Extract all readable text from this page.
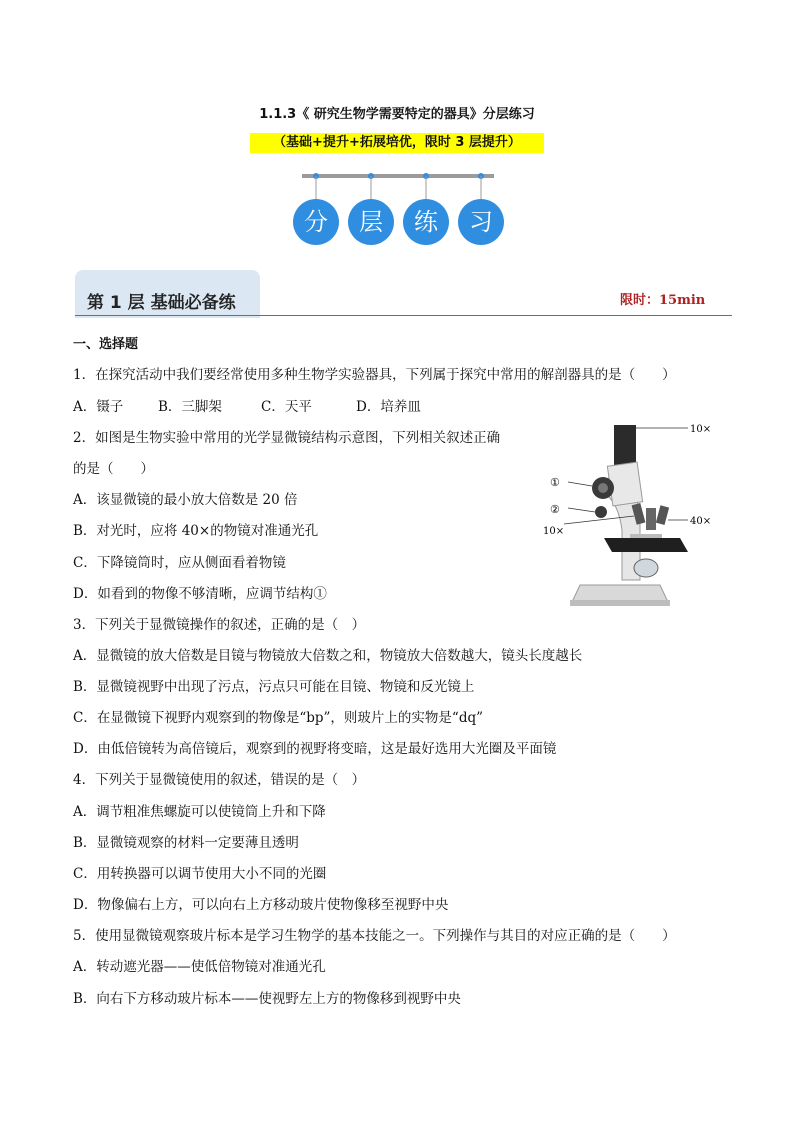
1.1.3《 研究生物学需要特定的器具》分层练习
（基础+提升+拓展培优，限时 3 层提升）
分 层 练 习
第 1 层 基础必备练	限时：15min
一、选择题
1．在探究活动中我们要经常使用多种生物学实验器具，下列属于探究中常用的解剖器具的是（　　）
A．镊子	B．三脚架	C．天平	D．培养皿
2．如图是生物实验中常用的光学显微镜结构示意图，下列相关叙述正确
的是（　　）
A．该显微镜的最小放大倍数是 20 倍
B．对光时，应将 40×的物镜对准通光孔
C．下降镜筒时，应从侧面看着物镜
D．如看到的物像不够清晰，应调节结构①
10×
①
②
40×
10×
3．下列关于显微镜操作的叙述，正确的是（　）
A．显微镜的放大倍数是目镜与物镜放大倍数之和，物镜放大倍数越大，镜头长度越长
B．显微镜视野中出现了污点，污点只可能在目镜、物镜和反光镜上
C．在显微镜下视野内观察到的物像是“bp”，则玻片上的实物是“dq”
D．由低倍镜转为高倍镜后，观察到的视野将变暗，这是最好选用大光圈及平面镜
4．下列关于显微镜使用的叙述，错误的是（　）
A．调节粗准焦螺旋可以使镜筒上升和下降
B．显微镜观察的材料一定要薄且透明
C．用转换器可以调节使用大小不同的光圈
D．物像偏右上方，可以向右上方移动玻片使物像移至视野中央
5．使用显微镜观察玻片标本是学习生物学的基本技能之一。下列操作与其目的对应正确的是（　　）
A．转动遮光器——使低倍物镜对准通光孔
B．向右下方移动玻片标本——使视野左上方的物像移到视野中央
